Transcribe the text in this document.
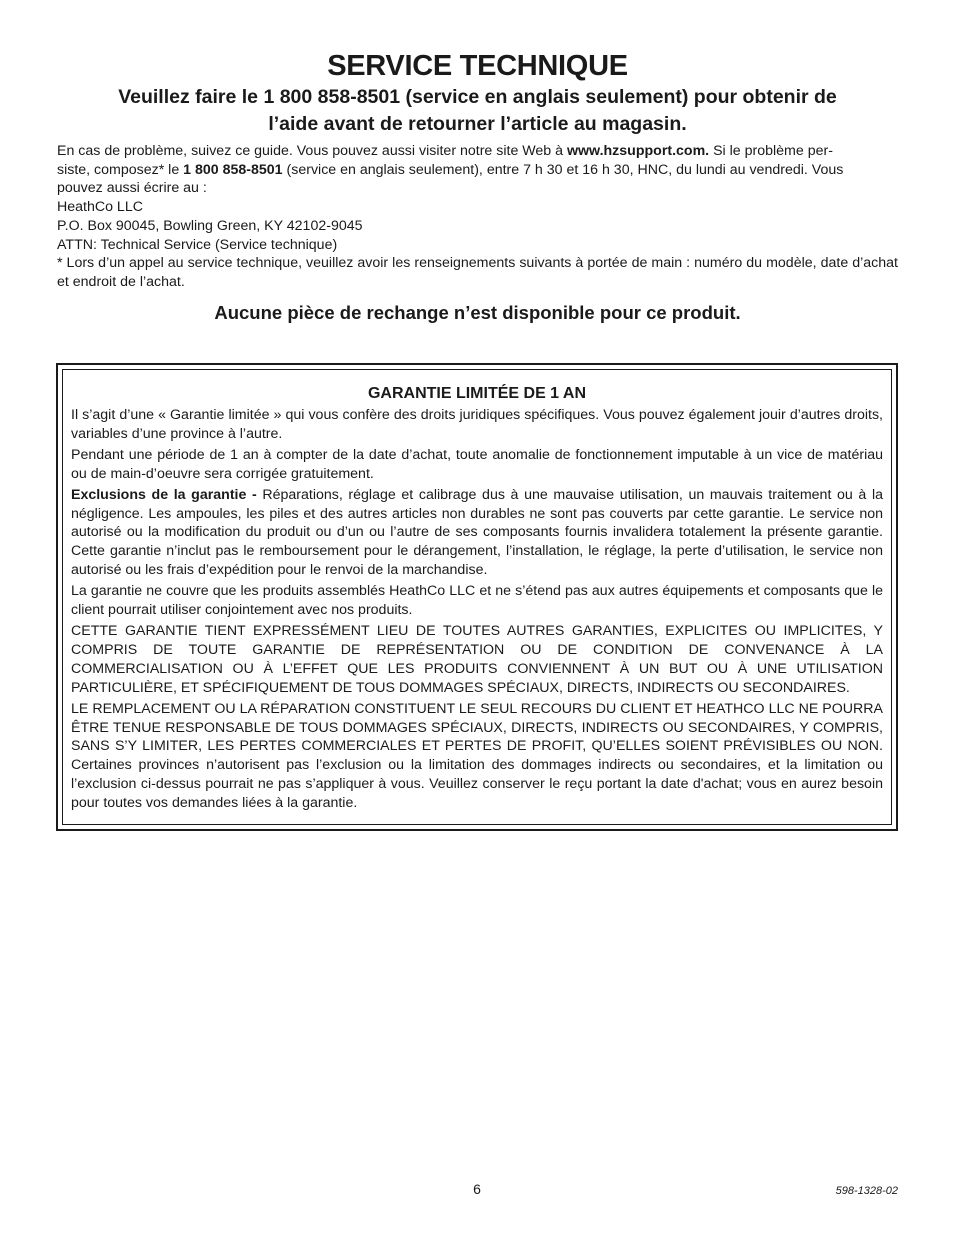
SERVICE TECHNIQUE
Veuillez faire le 1 800 858-8501 (service en anglais seulement) pour obtenir de
l’aide avant de retourner l’article au magasin.
En cas de problème, suivez ce guide. Vous pouvez aussi visiter notre site Web à www.hzsupport.com. Si le problème per-
siste, composez* le 1 800 858-8501 (service en anglais seulement), entre 7 h 30 et 16 h 30, HNC, du lundi au vendredi. Vous
pouvez aussi écrire au :
HeathCo LLC
P.O. Box 90045, Bowling Green, KY 42102-9045
ATTN: Technical Service (Service technique)
* Lors d’un appel au service technique, veuillez avoir les renseignements suivants à portée de main : numéro du modèle, date d’achat et endroit de l’achat.
Aucune pièce de rechange n’est disponible pour ce produit.
GARANTIE LIMITÉE DE 1 AN

Il s’agit d’une « Garantie limitée » qui vous confère des droits juridiques spécifiques. Vous pouvez également jouir d’autres droits, variables d’une province à l’autre.

Pendant une période de 1 an à compter de la date d’achat, toute anomalie de fonctionnement imputable à un vice de matériau ou de main-d’oeuvre sera corrigée gratuitement.

Exclusions de la garantie - Réparations, réglage et calibrage dus à une mauvaise utilisation, un mauvais traitement ou à la négligence. Les ampoules, les piles et des autres articles non durables ne sont pas couverts par cette garantie. Le service non autorisé ou la modification du produit ou d’un ou l’autre de ses composants fournis invalidera totalement la présente garantie. Cette garantie n’inclut pas le remboursement pour le dérangement, l’installation, le réglage, la perte d’utilisation, le service non autorisé ou les frais d’expédition pour le renvoi de la marchandise.

La garantie ne couvre que les produits assemblés HeathCo LLC et ne s’étend pas aux autres équipements et composants que le client pourrait utiliser conjointement avec nos produits.

CETTE GARANTIE TIENT EXPRESSÉMENT LIEU DE TOUTES AUTRES GARANTIES, EXPLICITES OU IMPLICITES, Y COMPRIS DE TOUTE GARANTIE DE REPRÉSENTATION OU DE CONDITION DE CONVENANCE À LA COMMERCIALISATION OU À L’EFFET QUE LES PRODUITS CONVIENNENT À UN BUT OU À UNE UTILISATION PARTICULIÈRE, ET SPÉCIFIQUEMENT DE TOUS DOMMAGES SPÉCIAUX, DIRECTS, INDIRECTS OU SECONDAIRES.

LE REMPLACEMENT OU LA RÉPARATION CONSTITUENT LE SEUL RECOURS DU CLIENT ET HEATHCO LLC NE POURRA ÊTRE TENUE RESPONSABLE DE TOUS DOMMAGES SPÉCIAUX, DIRECTS, INDIRECTS OU SECONDAIRES, Y COMPRIS, SANS S’Y LIMITER, LES PERTES COMMERCIALES ET PERTES DE PROFIT, QU’ELLES SOIENT PRÉVISIBLES OU NON. Certaines provinces n’autorisent pas l’exclusion ou la limitation des dommages indirects ou secondaires, et la limitation ou l’exclusion ci-dessus pourrait ne pas s’appliquer à vous. Veuillez conserver le reçu portant la date d'achat; vous en aurez besoin pour toutes vos demandes liées à la garantie.

6	598-1328-02
